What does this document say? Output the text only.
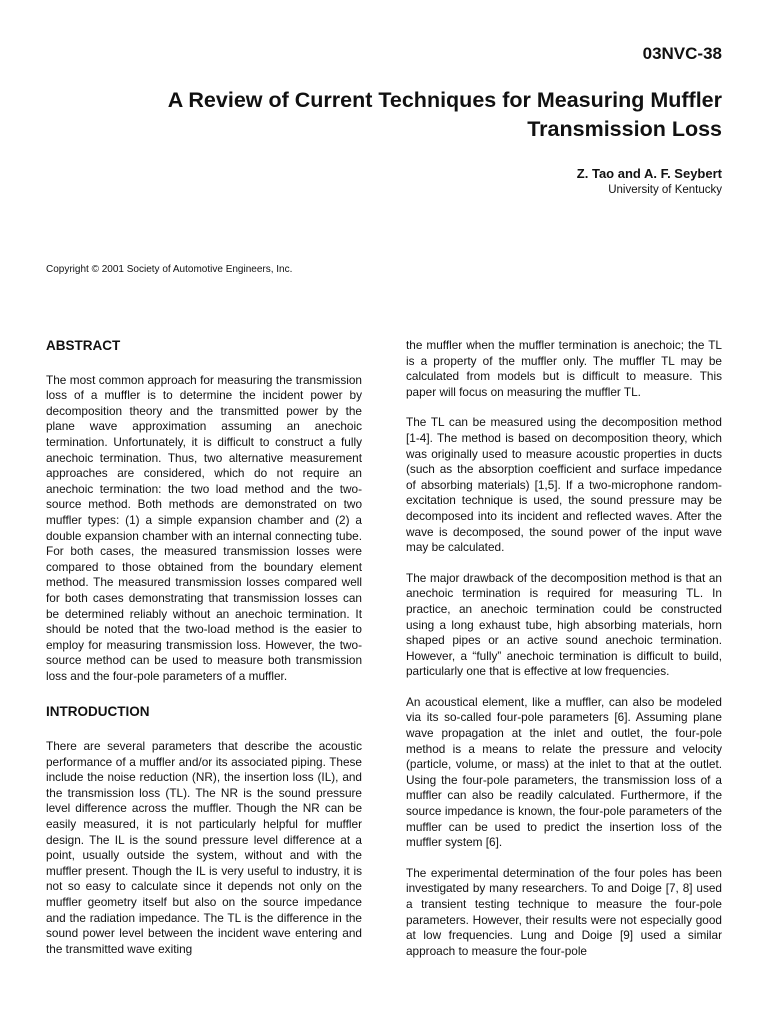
03NVC-38
A Review of Current Techniques for Measuring Muffler
Transmission Loss
Z. Tao and A. F. Seybert
University of Kentucky
Copyright © 2001 Society of Automotive Engineers, Inc.
ABSTRACT

The most common approach for measuring the transmission loss of a muffler is to determine the incident power by decomposition theory and the transmitted power by the plane wave approximation assuming an anechoic termination. Unfortunately, it is difficult to construct a fully anechoic termination. Thus, two alternative measurement approaches are considered, which do not require an anechoic termination: the two load method and the two-source method. Both methods are demonstrated on two muffler types: (1) a simple expansion chamber and (2) a double expansion chamber with an internal connecting tube. For both cases, the measured transmission losses were compared to those obtained from the boundary element method. The measured transmission losses compared well for both cases demonstrating that transmission losses can be determined reliably without an anechoic termination. It should be noted that the two-load method is the easier to employ for measuring transmission loss. However, the two-source method can be used to measure both transmission loss and the four-pole parameters of a muffler.

INTRODUCTION

There are several parameters that describe the acoustic performance of a muffler and/or its associated piping. These include the noise reduction (NR), the insertion loss (IL), and the transmission loss (TL). The NR is the sound pressure level difference across the muffler. Though the NR can be easily measured, it is not particularly helpful for muffler design. The IL is the sound pressure level difference at a point, usually outside the system, without and with the muffler present. Though the IL is very useful to industry, it is not so easy to calculate since it depends not only on the muffler geometry itself but also on the source impedance and the radiation impedance. The TL is the difference in the sound power level between the incident wave entering and the transmitted wave exiting

the muffler when the muffler termination is anechoic; the TL is a property of the muffler only. The muffler TL may be calculated from models but is difficult to measure. This paper will focus on measuring the muffler TL.

The TL can be measured using the decomposition method [1-4]. The method is based on decomposition theory, which was originally used to measure acoustic properties in ducts (such as the absorption coefficient and surface impedance of absorbing materials) [1,5]. If a two-microphone random-excitation technique is used, the sound pressure may be decomposed into its incident and reflected waves. After the wave is decomposed, the sound power of the input wave may be calculated.

The major drawback of the decomposition method is that an anechoic termination is required for measuring TL. In practice, an anechoic termination could be constructed using a long exhaust tube, high absorbing materials, horn shaped pipes or an active sound anechoic termination. However, a “fully” anechoic termination is difficult to build, particularly one that is effective at low frequencies.

An acoustical element, like a muffler, can also be modeled via its so-called four-pole parameters [6]. Assuming plane wave propagation at the inlet and outlet, the four-pole method is a means to relate the pressure and velocity (particle, volume, or mass) at the inlet to that at the outlet. Using the four-pole parameters, the transmission loss of a muffler can also be readily calculated. Furthermore, if the source impedance is known, the four-pole parameters of the muffler can be used to predict the insertion loss of the muffler system [6].

The experimental determination of the four poles has been investigated by many researchers. To and Doige [7, 8] used a transient testing technique to measure the four-pole parameters. However, their results were not especially good at low frequencies. Lung and Doige [9] used a similar approach to measure the four-pole
